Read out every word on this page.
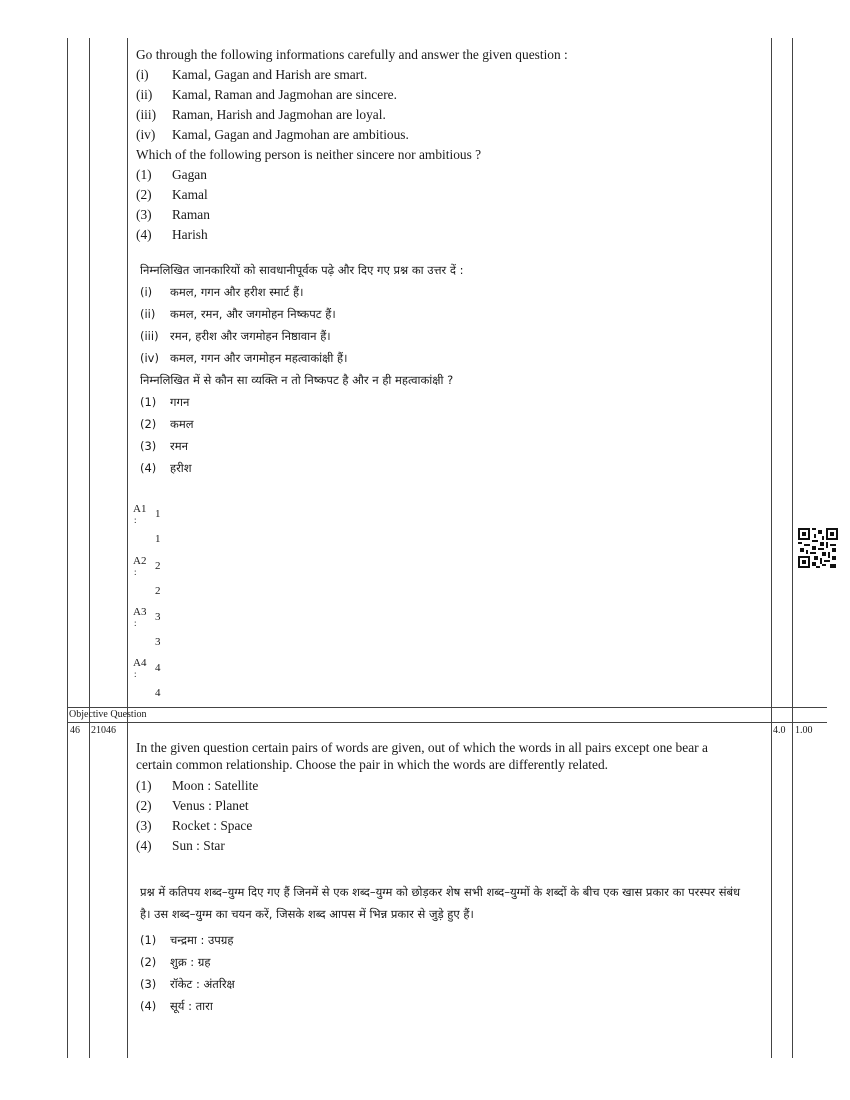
Go through the following informations carefully and answer the given question :

(i)	Kamal, Gagan and Harish are smart.
(ii)	Kamal, Raman and Jagmohan are sincere.
(iii)	Raman, Harish and Jagmohan are loyal.
(iv)	Kamal, Gagan and Jagmohan are ambitious.

Which of the following person is neither sincere nor ambitious ?

(1)	Gagan
(2)	Kamal
(3)	Raman
(4)	Harish

निम्नलिखित जानकारियों को सावधानीपूर्वक पढ़े और दिए गए प्रश्न का उत्तर दें :

(i)	कमल, गगन और हरीश स्मार्ट हैं।
(ii)	कमल, रमन, और जगमोहन निष्कपट हैं।
(iii) रमन, हरीश और जगमोहन निष्ठावान हैं।
(iv) कमल, गगन और जगमोहन महत्वाकांक्षी हैं।

निम्नलिखित में से कौन सा व्यक्ति न तो निष्कपट है और न ही महत्वाकांक्षी ?

(1)	गगन
(2)	कमल
(3)	रमन
(4)	हरीश
A1
: 1
1
A2
: 2
2
A3
: 3
3
A4
: 4
4
Objective Question
46 21046	4.0 1.00

In the given question certain pairs of words are given, out of which the words in all pairs except one bear a certain common relationship. Choose the pair in which the words are differently related.

(1)	Moon : Satellite
(2)	Venus : Planet
(3)	Rocket : Space
(4)	Sun : Star

प्रश्न में कतिपय शब्द–युग्म दिए गए हैं जिनमें से एक शब्द–युग्म को छोड़कर शेष सभी शब्द–युग्मों के शब्दों के बीच एक खास प्रकार का परस्पर संबंध है। उस शब्द–युग्म का चयन करें, जिसके शब्द आपस में भिन्न प्रकार से जुड़े हुए हैं।

(1)	चन्द्रमा : उपग्रह
(2)	शुक्र : ग्रह
(3)	रॉकेट : अंतरिक्ष
(4)	सूर्य : तारा
